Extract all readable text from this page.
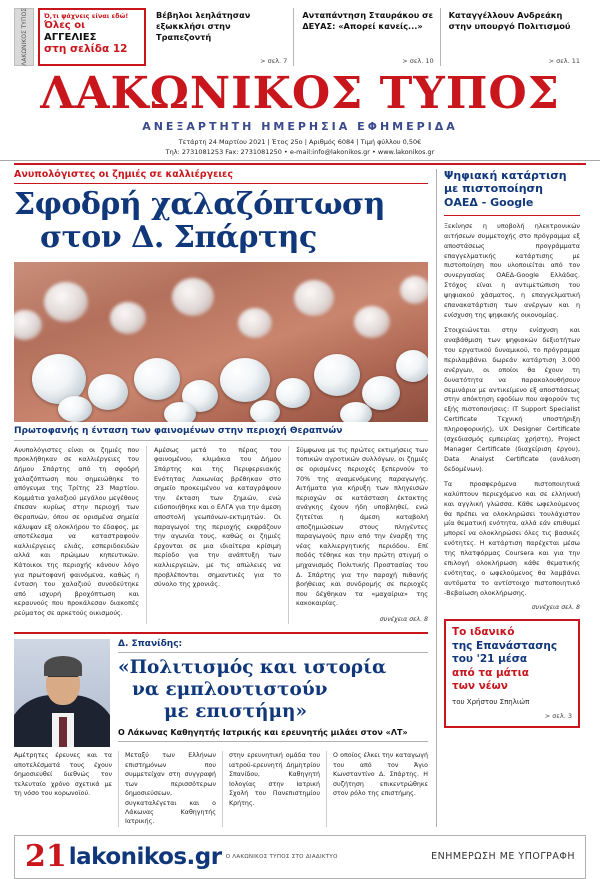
ΛΑΚΩΝΙΚΟΣ ΤΥΠΟΣ	Ό,τι ψάχνεις είναι εδώ!
Όλες οι ΑΓΓΕΛΙΕΣ
στη σελίδα 12
Βέβηλοι λεηλάτησαν εξωκκλήσι στην Τραπεζοντή
> σελ. 7
Ανταπάντηση Σταυράκου σε ΔΕΥΑΣ: «Απορεί κανείς...»
> σελ. 10
Καταγγέλλουν Ανδρεάκη στην υπουργό Πολιτισμού
> σελ. 11
ΛΑΚΩΝΙΚΟΣ ΤΥΠΟΣ
ΑΝΕΞΑΡΤΗΤΗ ΗΜΕΡΗΣΙΑ ΕΦΗΜΕΡΙΔΑ
Τετάρτη 24 Μαρτίου 2021 | Έτος 25ο | Αριθμός 6084 | Τιμή φύλλου 0,50€
Τηλ: 2731081253 Fax: 2731081250 • e-mail:info@lakonikos.gr • www.lakonikos.gr
Ανυπολόγιστες οι ζημιές σε καλλιέργειες
Σφοδρή χαλαζόπτωση
στον Δ. Σπάρτης
Πρωτοφανής η ένταση των φαινομένων στην περιοχή Θεραπνών
Ανυπολόγιστες είναι οι ζημιές που προκλήθηκαν σε καλλιέργειες του Δήμου Σπάρτης από τη σφοδρή χαλαζόπτωση που σημειώθηκε το απόγευμα της Τρίτης 23 Μαρτίου. Κομμάτια χαλαζιού μεγάλου μεγέθους έπεσαν κυρίως στην περιοχή των Θεραπνών, όπου σε ορισμένα σημεία κάλυψαν εξ ολοκλήρου το έδαφος, με αποτέλεσμα να καταστραφούν καλλιέργειες ελιάς, εσπεριδοειδών αλλά και πρώιμων κηπευτικών. Κάτοικοι της περιοχής κάνουν λόγο για πρωτοφανή φαινόμενα, καθώς η ένταση του χαλαζιού συνοδεύτηκε από ισχυρή βροχόπτωση και κεραυνούς που προκάλεσαν διακοπές ρεύματος σε αρκετούς οικισμούς.
Αμέσως μετά το πέρας του φαινομένου, κλιμάκια του Δήμου Σπάρτης και της Περιφερειακής Ενότητας Λακωνίας βρέθηκαν στο σημείο προκειμένου να καταγράψουν την έκταση των ζημιών, ενώ ειδοποιήθηκε και ο ΕΛΓΑ για την άμεση αποστολή γεωπόνων-εκτιμητών. Οι παραγωγοί της περιοχής εκφράζουν την αγωνία τους, καθώς οι ζημιές έρχονται σε μια ιδιαίτερα κρίσιμη περίοδο για την ανάπτυξη των καλλιεργειών, με τις απώλειες να προβλέπονται σημαντικές για το σύνολο της χρονιάς.
Σύμφωνα με τις πρώτες εκτιμήσεις των τοπικών αγροτικών συλλόγων, οι ζημιές σε ορισμένες περιοχές ξεπερνούν το 70% της αναμενόμενης παραγωγής. Αιτήματα για κήρυξη των πληγεισών περιοχών σε κατάσταση έκτακτης ανάγκης έχουν ήδη υποβληθεί, ενώ ζητείται η άμεση καταβολή αποζημιώσεων στους πληγέντες παραγωγούς πριν από την έναρξη της νέας καλλιεργητικής περιόδου. Επί ποδός τέθηκε και την πρώτη στιγμή ο μηχανισμός Πολιτικής Προστασίας του Δ. Σπάρτης για την παροχή πιθανής βοήθειας και συνδρομής σε περιοχές που δέχθηκαν τα «μαχαίρια» της κακοκαιρίας.
συνέχεια σελ. 8
Δ. Σπανίδης:
«Πολιτισμός και ιστορία
να εμπλουτιστούν
με επιστήμη»
Ο Λάκωνας Καθηγητής Ιατρικής και ερευνητής μιλάει στον «ΛΤ»
Αμέτρητες έρευνες και τα αποτελέσματά τους έχουν δημοσιευθεί διεθνώς τον τελευταίο χρόνο σχετικά με τη νόσο του κορωνοϊού.
Μεταξύ των Ελλήνων επιστημόνων που συμμετείχαν στη συγγραφή των περισσότερων δημοσιεύσεων, συγκαταλέγεται και ο Λάκωνας Καθηγητής Ιατρικής.
στην ερευνητική ομάδα του ιατρού-ερευνητή Δημητρίου Σπανίδου, Καθηγητή Ιολογίας στην Ιατρική Σχολή του Πανεπιστημίου Κρήτης.
Ο οποίος έλκει την καταγωγή του από τον Άγιο Κωνσταντίνο Δ. Σπάρτης. Η συζήτηση επικεντρώθηκε στον ρόλο της επιστήμης.
Ψηφιακή κατάρτιση με πιστοποίηση ΟΑΕΔ - Google

Ξεκίνησε η υποβολή ηλεκτρονικών αιτήσεων συμμετοχής στο πρόγραμμα εξ αποστάσεως προγράμματα επαγγελματικής κατάρτισης με πιστοποίηση που υλοποιείται από τον συνεργασίας ΟΑΕΔ-Google Ελλάδας. Στόχος είναι η αντιμετώπιση του ψηφιακού χάσματος, η επαγγελματική επανακατάρτιση των ανέργων και η ενίσχυση της ψηφιακής οικονομίας.

Στοιχειώνεται στην ενίσχυση και αναβάθμιση των ψηφιακών δεξιοτήτων του εργατικού δυναμικού, το πρόγραμμα περιλαμβάνει δωρεάν κατάρτιση 3.000 ανέργων, οι οποίοι θα έχουν τη δυνατότητα να παρακολουθήσουν σεμινάρια με αντικείμενο εξ αποστάσεως στην απόκτηση εφοδίων που αφορούν τις εξής πιστοποιήσεις: IT Support Specialist Certificate Τεχνική υποστήριξη πληροφορικής), UX Designer Certificate (σχεδιασμός εμπειρίας χρήστη), Project Manager Certificate (διαχείριση έργου), Data Analyst Certificate (ανάλυση δεδομένων).

Τα προσφερόμενα πιστοποιητικά καλύπτουν περιεχόμενο και σε ελληνική και αγγλική γλώσσα. Κάθε ωφελούμενος θα πρέπει να ολοκληρώσει τουλάχιστον μία θεματική ενότητα, αλλά εάν επιθυμεί μπορεί να ολοκληρώσει όλες τις βασικές ενότητες. Η κατάρτιση παρέχεται μέσω της πλατφόρμας Coursera και για την επιλογή ολοκλήρωση κάθε θεματικής ενότητας, ο ωφελούμενος θα λαμβάνει αυτόματα το αντίστοιχο πιστοποιητικό -Βεβαίωση ολοκλήρωσης.

συνέχεια σελ. 8
Το ιδανικό
της Επανάστασης
του '21 μέσα
από τα μάτια
των νέων
του Χρήστου Σπηλιώπ
> σελ. 3
21 lakonikos.gr Ο ΛΑΚΩΝΙΚΟΣ ΤΥΠΟΣ ΣΤΟ ΔΙΑΔΙΚΤΥΟ	ΕΝΗΜΕΡΩΣΗ ΜΕ ΥΠΟΓΡΑΦΗ
